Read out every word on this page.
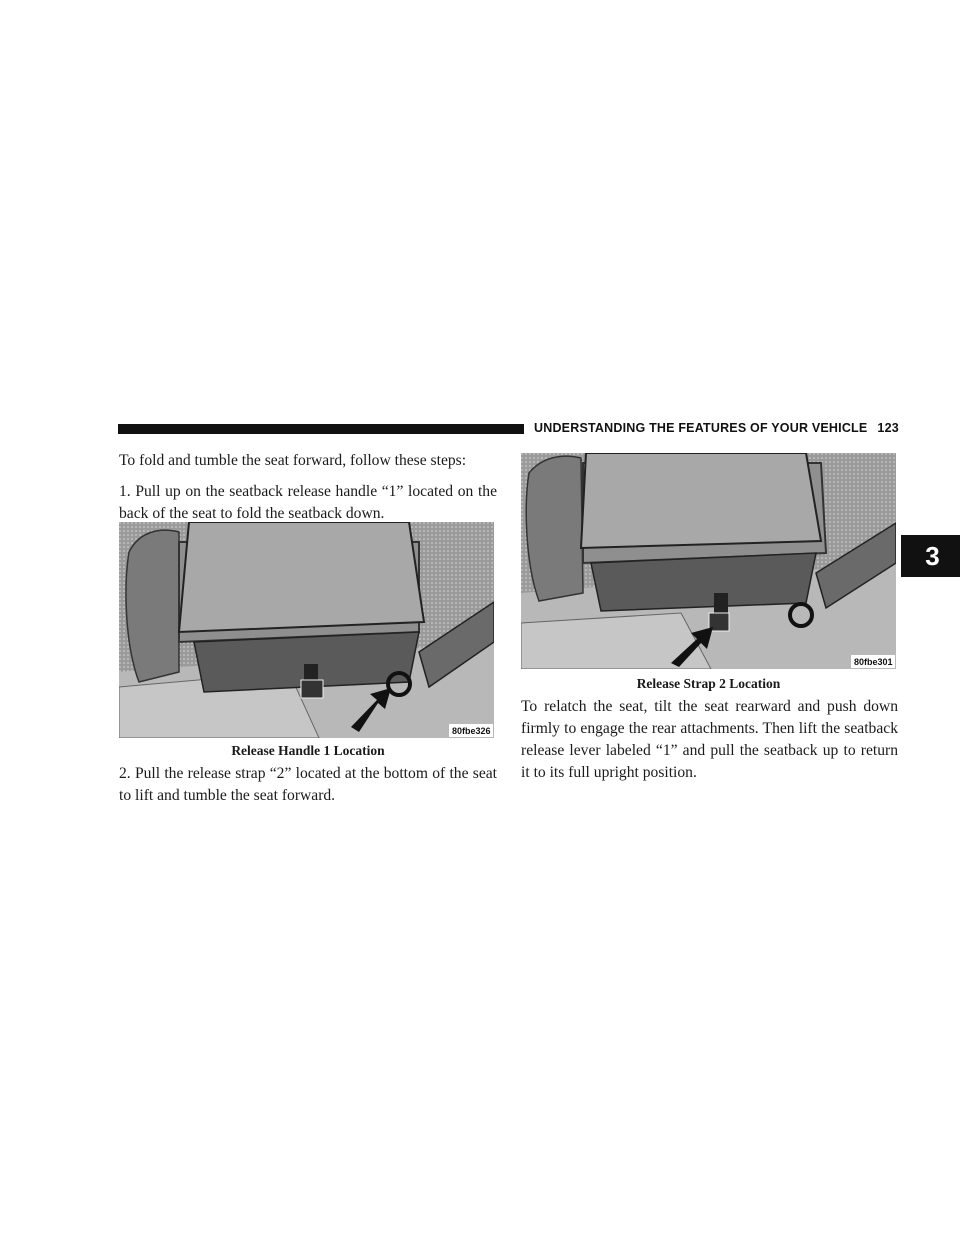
UNDERSTANDING THE FEATURES OF YOUR VEHICLE 123
3

To fold and tumble the seat forward, follow these steps:

1. Pull up on the seatback release handle “1” located on the back of the seat to fold the seatback down.

80fbe326
Release Handle 1 Location

2. Pull the release strap “2” located at the bottom of the seat to lift and tumble the seat forward.

80fbe301
Release Strap 2 Location

To relatch the seat, tilt the seat rearward and push down firmly to engage the rear attachments. Then lift the seatback release lever labeled “1” and pull the seatback up to return it to its full upright position.
